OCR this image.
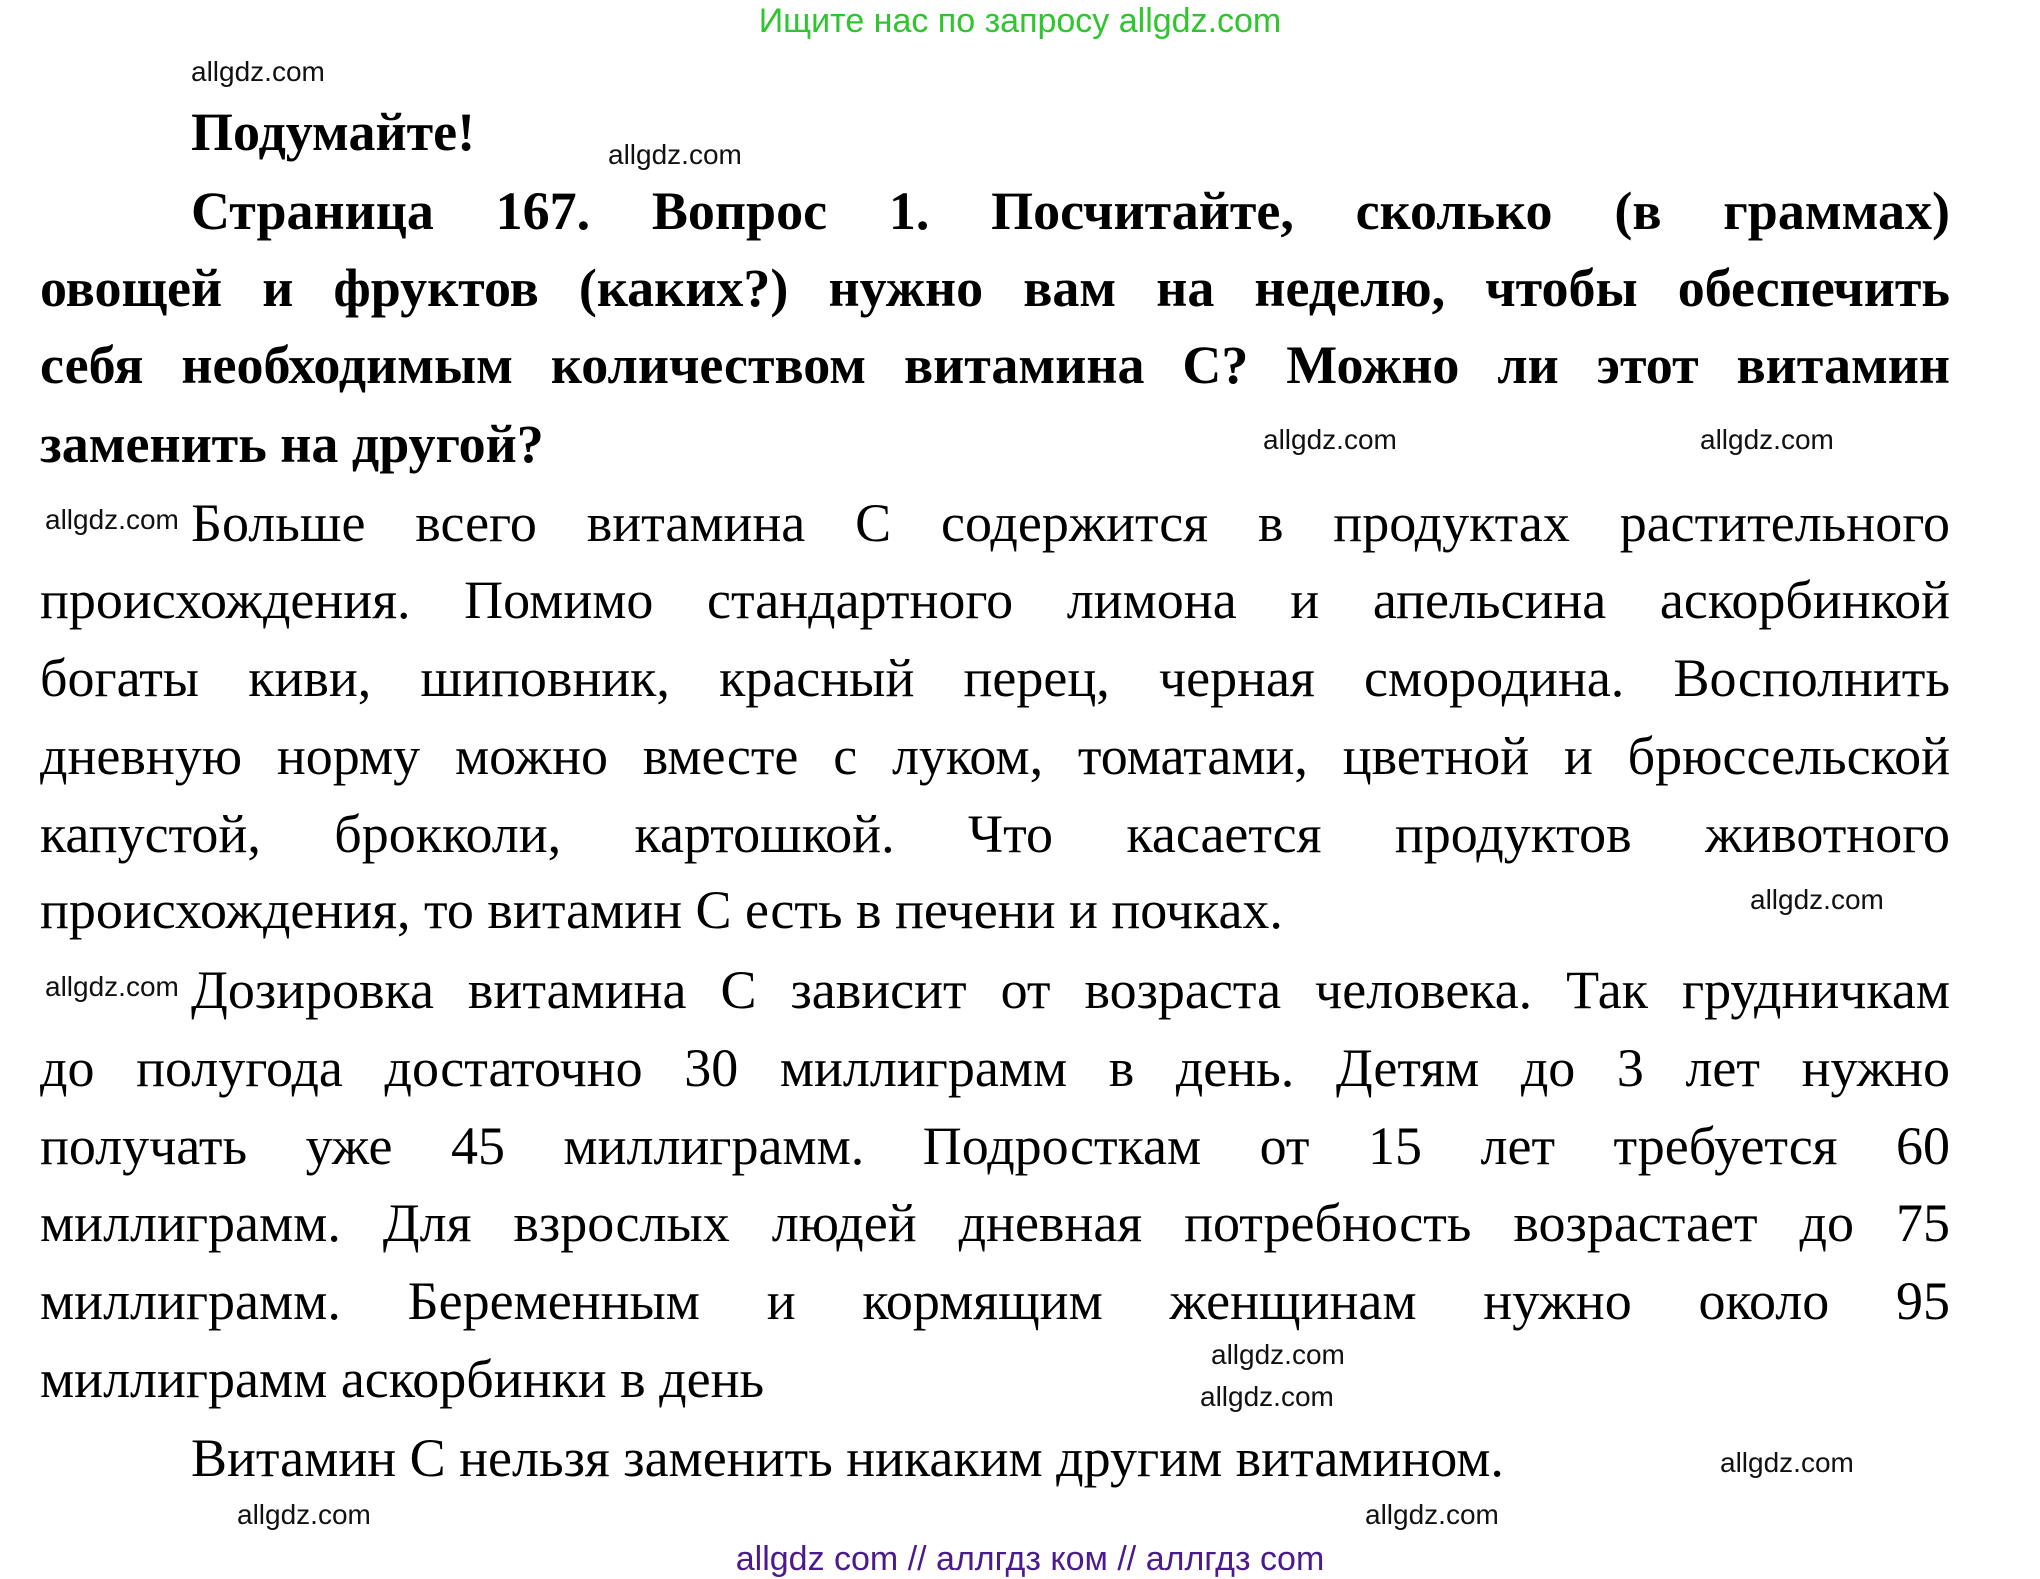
Ищите нас по запросу allgdz.com
Подумайте!
Страница 167. Вопрос 1. Посчитайте, сколько (в граммах)
овощей и фруктов (каких?) нужно вам на неделю, чтобы обеспечить
себя необходимым количеством витамина С? Можно ли этот витамин
заменить на другой?
Больше всего витамина С содержится в продуктах растительного
происхождения. Помимо стандартного лимона и апельсина аскорбинкой
богаты киви, шиповник, красный перец, черная смородина. Восполнить
дневную норму можно вместе с луком, томатами, цветной и брюссельской
капустой, брокколи, картошкой. Что касается продуктов животного
происхождения, то витамин С есть в печени и почках.
Дозировка витамина С зависит от возраста человека. Так грудничкам
до полугода достаточно 30 миллиграмм в день. Детям до 3 лет нужно
получать уже 45 миллиграмм. Подросткам от 15 лет требуется 60
миллиграмм. Для взрослых людей дневная потребность возрастает до 75
миллиграмм. Беременным и кормящим женщинам нужно около 95
миллиграмм аскорбинки в день
Витамин С нельзя заменить никаким другим витамином.
allgdz.com
allgdz.com
allgdz.com
allgdz.com
allgdz.com
allgdz.com
allgdz.com
allgdz.com
allgdz.com
allgdz.com
allgdz.com
allgdz.com
allgdz com // аллгдз ком // аллгдз com
